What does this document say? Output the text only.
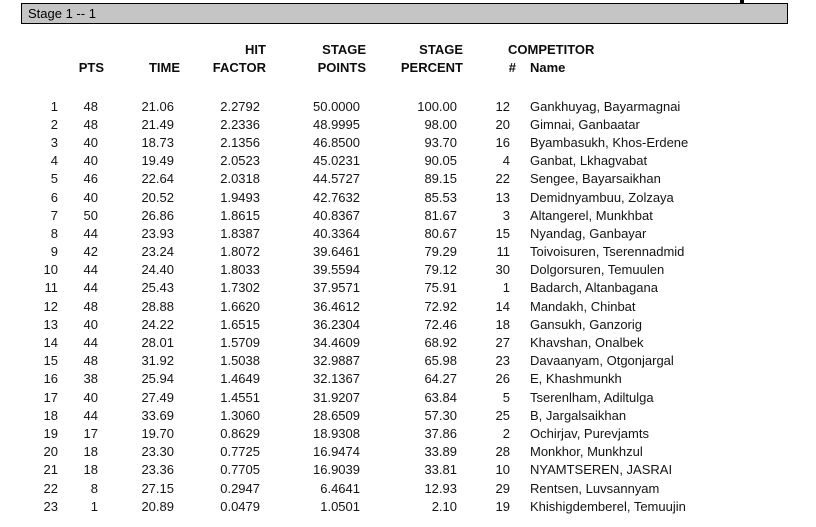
Stage 1 -- 1
			HIT	STAGE	STAGE	COMPETITOR	
	PTS	TIME	FACTOR	POINTS	PERCENT	#	Name

1	48	21.06	2.2792	50.0000	100.00	12	Gankhuyag, Bayarmagnai
2	48	21.49	2.2336	48.9995	98.00	20	Gimnai, Ganbaatar
3	40	18.73	2.1356	46.8500	93.70	16	Byambasukh, Khos-Erdene
4	40	19.49	2.0523	45.0231	90.05	4	Ganbat, Lkhagvabat
5	46	22.64	2.0318	44.5727	89.15	22	Sengee, Bayarsaikhan
6	40	20.52	1.9493	42.7632	85.53	13	Demidnyambuu, Zolzaya
7	50	26.86	1.8615	40.8367	81.67	3	Altangerel, Munkhbat
8	44	23.93	1.8387	40.3364	80.67	15	Nyandag, Ganbayar
9	42	23.24	1.8072	39.6461	79.29	11	Toivoisuren, Tserennadmid
10	44	24.40	1.8033	39.5594	79.12	30	Dolgorsuren, Temuulen
11	44	25.43	1.7302	37.9571	75.91	1	Badarch, Altanbagana
12	48	28.88	1.6620	36.4612	72.92	14	Mandakh, Chinbat
13	40	24.22	1.6515	36.2304	72.46	18	Gansukh, Ganzorig
14	44	28.01	1.5709	34.4609	68.92	27	Khavshan, Onalbek
15	48	31.92	1.5038	32.9887	65.98	23	Davaanyam, Otgonjargal
16	38	25.94	1.4649	32.1367	64.27	26	E, Khashmunkh
17	40	27.49	1.4551	31.9207	63.84	5	Tserenlham, Adiltulga
18	44	33.69	1.3060	28.6509	57.30	25	B, Jargalsaikhan
19	17	19.70	0.8629	18.9308	37.86	2	Ochirjav, Purevjamts
20	18	23.30	0.7725	16.9474	33.89	28	Monkhor, Munkhzul
21	18	23.36	0.7705	16.9039	33.81	10	NYAMTSEREN, JASRAI
22	8	27.15	0.2947	6.4641	12.93	29	Rentsen, Luvsannyam
23	1	20.89	0.0479	1.0501	2.10	19	Khishigdemberel, Temuujin
